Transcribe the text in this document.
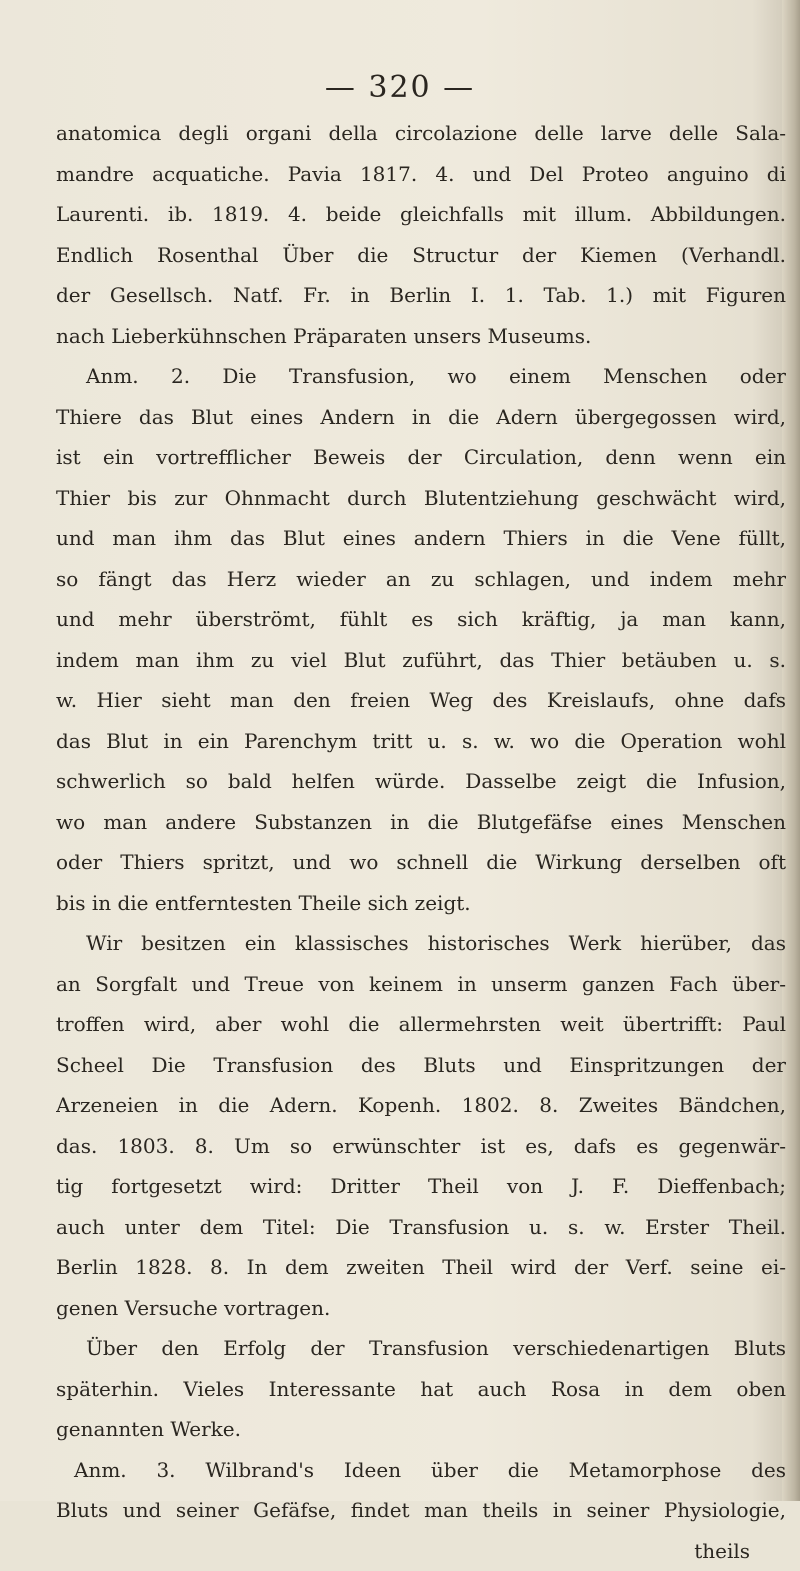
— 320 —
anatomica degli organi della circolazione delle larve delle Sala-
mandre acquatiche. Pavia 1817. 4. und Del Proteo anguino di
Laurenti. ib. 1819. 4. beide gleichfalls mit illum. Abbildungen.
Endlich Rosenthal Über die Structur der Kiemen (Verhandl.
der Gesellsch. Natf. Fr. in Berlin I. 1. Tab. 1.) mit Figuren
nach Lieberkühnschen Präparaten unsers Museums.
Anm. 2. Die Transfusion, wo einem Menschen oder
Thiere das Blut eines Andern in die Adern übergegossen wird,
ist ein vortrefflicher Beweis der Circulation, denn wenn ein
Thier bis zur Ohnmacht durch Blutentziehung geschwächt wird,
und man ihm das Blut eines andern Thiers in die Vene füllt,
so fängt das Herz wieder an zu schlagen, und indem mehr
und mehr überströmt, fühlt es sich kräftig, ja man kann,
indem man ihm zu viel Blut zuführt, das Thier betäuben u. s.
w. Hier sieht man den freien Weg des Kreislaufs, ohne dafs
das Blut in ein Parenchym tritt u. s. w. wo die Operation wohl
schwerlich so bald helfen würde. Dasselbe zeigt die Infusion,
wo man andere Substanzen in die Blutgefäfse eines Menschen
oder Thiers spritzt, und wo schnell die Wirkung derselben oft
bis in die entferntesten Theile sich zeigt.
Wir besitzen ein klassisches historisches Werk hierüber, das
an Sorgfalt und Treue von keinem in unserm ganzen Fach über-
troffen wird, aber wohl die allermehrsten weit übertrifft: Paul
Scheel Die Transfusion des Bluts und Einspritzungen der
Arzeneien in die Adern. Kopenh. 1802. 8. Zweites Bändchen,
das. 1803. 8. Um so erwünschter ist es, dafs es gegenwär-
tig fortgesetzt wird: Dritter Theil von J. F. Dieffenbach;
auch unter dem Titel: Die Transfusion u. s. w. Erster Theil.
Berlin 1828. 8. In dem zweiten Theil wird der Verf. seine ei-
genen Versuche vortragen.
Über den Erfolg der Transfusion verschiedenartigen Bluts
späterhin. Vieles Interessante hat auch Rosa in dem oben
genannten Werke.
Anm. 3. Wilbrand's Ideen über die Metamorphose des
Bluts und seiner Gefäfse, findet man theils in seiner Physiologie,
theils
